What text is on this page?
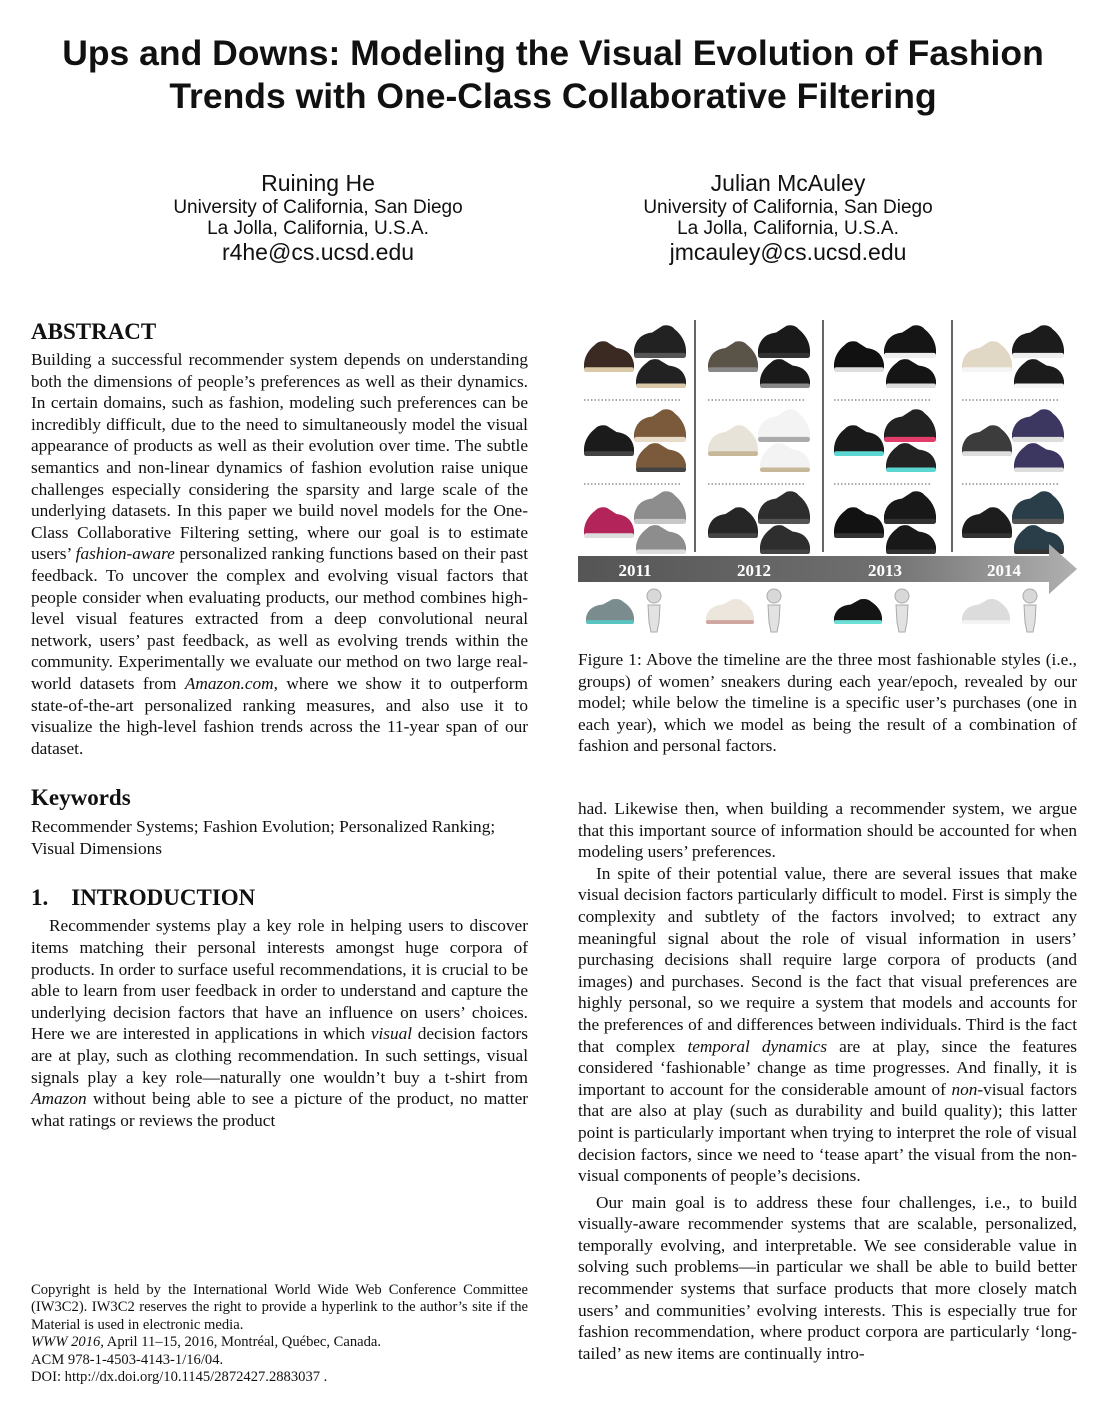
Ups and Downs: Modeling the Visual Evolution of Fashion
Trends with One-Class Collaborative Filtering
Ruining He
University of California, San Diego
La Jolla, California, U.S.A.
r4he@cs.ucsd.edu
Julian McAuley
University of California, San Diego
La Jolla, California, U.S.A.
jmcauley@cs.ucsd.edu
ABSTRACT

Building a successful recommender system depends on understanding both the dimensions of people’s preferences as well as their dynamics. In certain domains, such as fashion, modeling such preferences can be incredibly difficult, due to the need to simultaneously model the visual appearance of products as well as their evolution over time. The subtle semantics and non-linear dynamics of fashion evolution raise unique challenges especially considering the sparsity and large scale of the underlying datasets. In this paper we build novel models for the One-Class Collaborative Filtering setting, where our goal is to estimate users’ fashion-aware personalized ranking functions based on their past feedback. To uncover the complex and evolving visual factors that people consider when evaluating products, our method combines high-level visual features extracted from a deep convolutional neural network, users’ past feedback, as well as evolving trends within the community. Experimentally we evaluate our method on two large real-world datasets from Amazon.com, where we show it to outperform state-of-the-art personalized ranking measures, and also use it to visualize the high-level fashion trends across the 11-year span of our dataset.

Keywords

Recommender Systems; Fashion Evolution; Personalized Ranking; Visual Dimensions

1.    INTRODUCTION

Recommender systems play a key role in helping users to discover items matching their personal interests amongst huge corpora of products. In order to surface useful recommendations, it is crucial to be able to learn from user feedback in order to understand and capture the underlying decision factors that have an influence on users’ choices. Here we are interested in applications in which visual decision factors are at play, such as clothing recommendation. In such settings, visual signals play a key role—naturally one wouldn’t buy a t-shirt from Amazon without being able to see a picture of the product, no matter what ratings or reviews the product

2011	2012	2013	2014
Figure 1: Above the timeline are the three most fashionable styles (i.e., groups) of women’ sneakers during each year/epoch, revealed by our model; while below the timeline is a specific user’s purchases (one in each year), which we model as being the result of a combination of fashion and personal factors.

had. Likewise then, when building a recommender system, we argue that this important source of information should be accounted for when modeling users’ preferences.

In spite of their potential value, there are several issues that make visual decision factors particularly difficult to model. First is simply the complexity and subtlety of the factors involved; to extract any meaningful signal about the role of visual information in users’ purchasing decisions shall require large corpora of products (and images) and purchases. Second is the fact that visual preferences are highly personal, so we require a system that models and accounts for the preferences of and differences between individuals. Third is the fact that complex temporal dynamics are at play, since the features considered ‘fashionable’ change as time progresses. And finally, it is important to account for the considerable amount of non-visual factors that are also at play (such as durability and build quality); this latter point is particularly important when trying to interpret the role of visual decision factors, since we need to ‘tease apart’ the visual from the non-visual components of people’s decisions.

Our main goal is to address these four challenges, i.e., to build visually-aware recommender systems that are scalable, personalized, temporally evolving, and interpretable. We see considerable value in solving such problems—in particular we shall be able to build better recommender systems that surface products that more closely match users’ and communities’ evolving interests. This is especially true for fashion recommendation, where product corpora are particularly ‘long-tailed’ as new items are continually intro-

Copyright is held by the International World Wide Web Conference Committee (IW3C2). IW3C2 reserves the right to provide a hyperlink to the author’s site if the Material is used in electronic media.

WWW 2016, April 11–15, 2016, Montréal, Québec, Canada.

ACM 978-1-4503-4143-1/16/04.

DOI: http://dx.doi.org/10.1145/2872427.2883037 .
